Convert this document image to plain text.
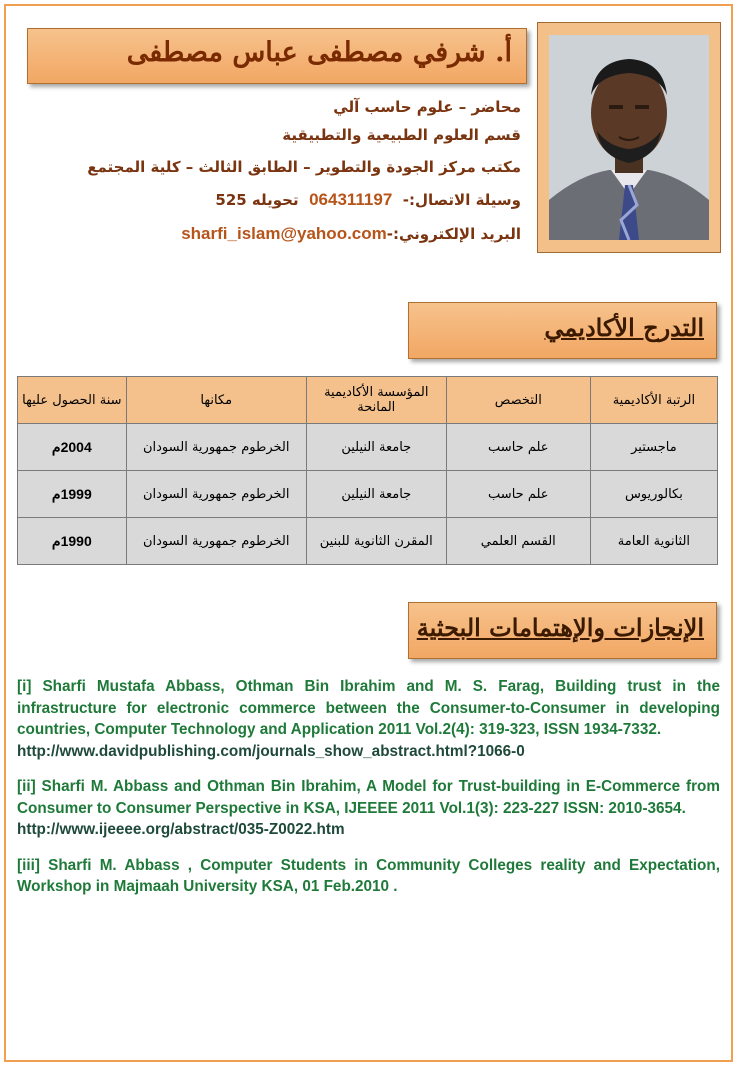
أ. شرفي مصطفى عباس مصطفى
محاضر – علوم حاسب آلي
قسم العلوم الطبيعية والتطبيقية
مكتب مركز الجودة والتطوير – الطابق الثالث – كلية المجتمع
وسيلة الاتصال:-  064311197  تحويله 525
البريد الإلكتروني:-sharfi_islam@yahoo.com
التدرج الأكاديمي
الرتبة الأكاديمية	التخصص	المؤسسة الأكاديمية المانحة	مكانها	سنة الحصول عليها
ماجستير	علم حاسب	جامعة النيلين	الخرطوم جمهورية السودان	2004م
بكالوريوس	علم حاسب	جامعة النيلين	الخرطوم جمهورية السودان	1999م
الثانوية العامة	القسم العلمي	المقرن الثانوية للبنين	الخرطوم جمهورية السودان	1990م
الإنجازات والإهتمامات البحثية

[i] Sharfi Mustafa Abbass, Othman Bin Ibrahim and M. S. Farag, Building trust in the infrastructure for electronic commerce between the Consumer-to-Consumer in developing countries, Computer Technology and Application 2011 Vol.2(4): 319-323, ISSN 1934-7332.
http://www.davidpublishing.com/journals_show_abstract.html?1066-0

[ii] Sharfi M. Abbass and Othman Bin Ibrahim, A Model for Trust-building in E-Commerce from Consumer to Consumer Perspective in KSA, IJEEEE 2011 Vol.1(3): 223-227 ISSN: 2010-3654.
http://www.ijeeee.org/abstract/035-Z0022.htm

[iii] Sharfi M. Abbass , Computer Students in Community Colleges reality and Expectation, Workshop in Majmaah University KSA, 01 Feb.2010 .
